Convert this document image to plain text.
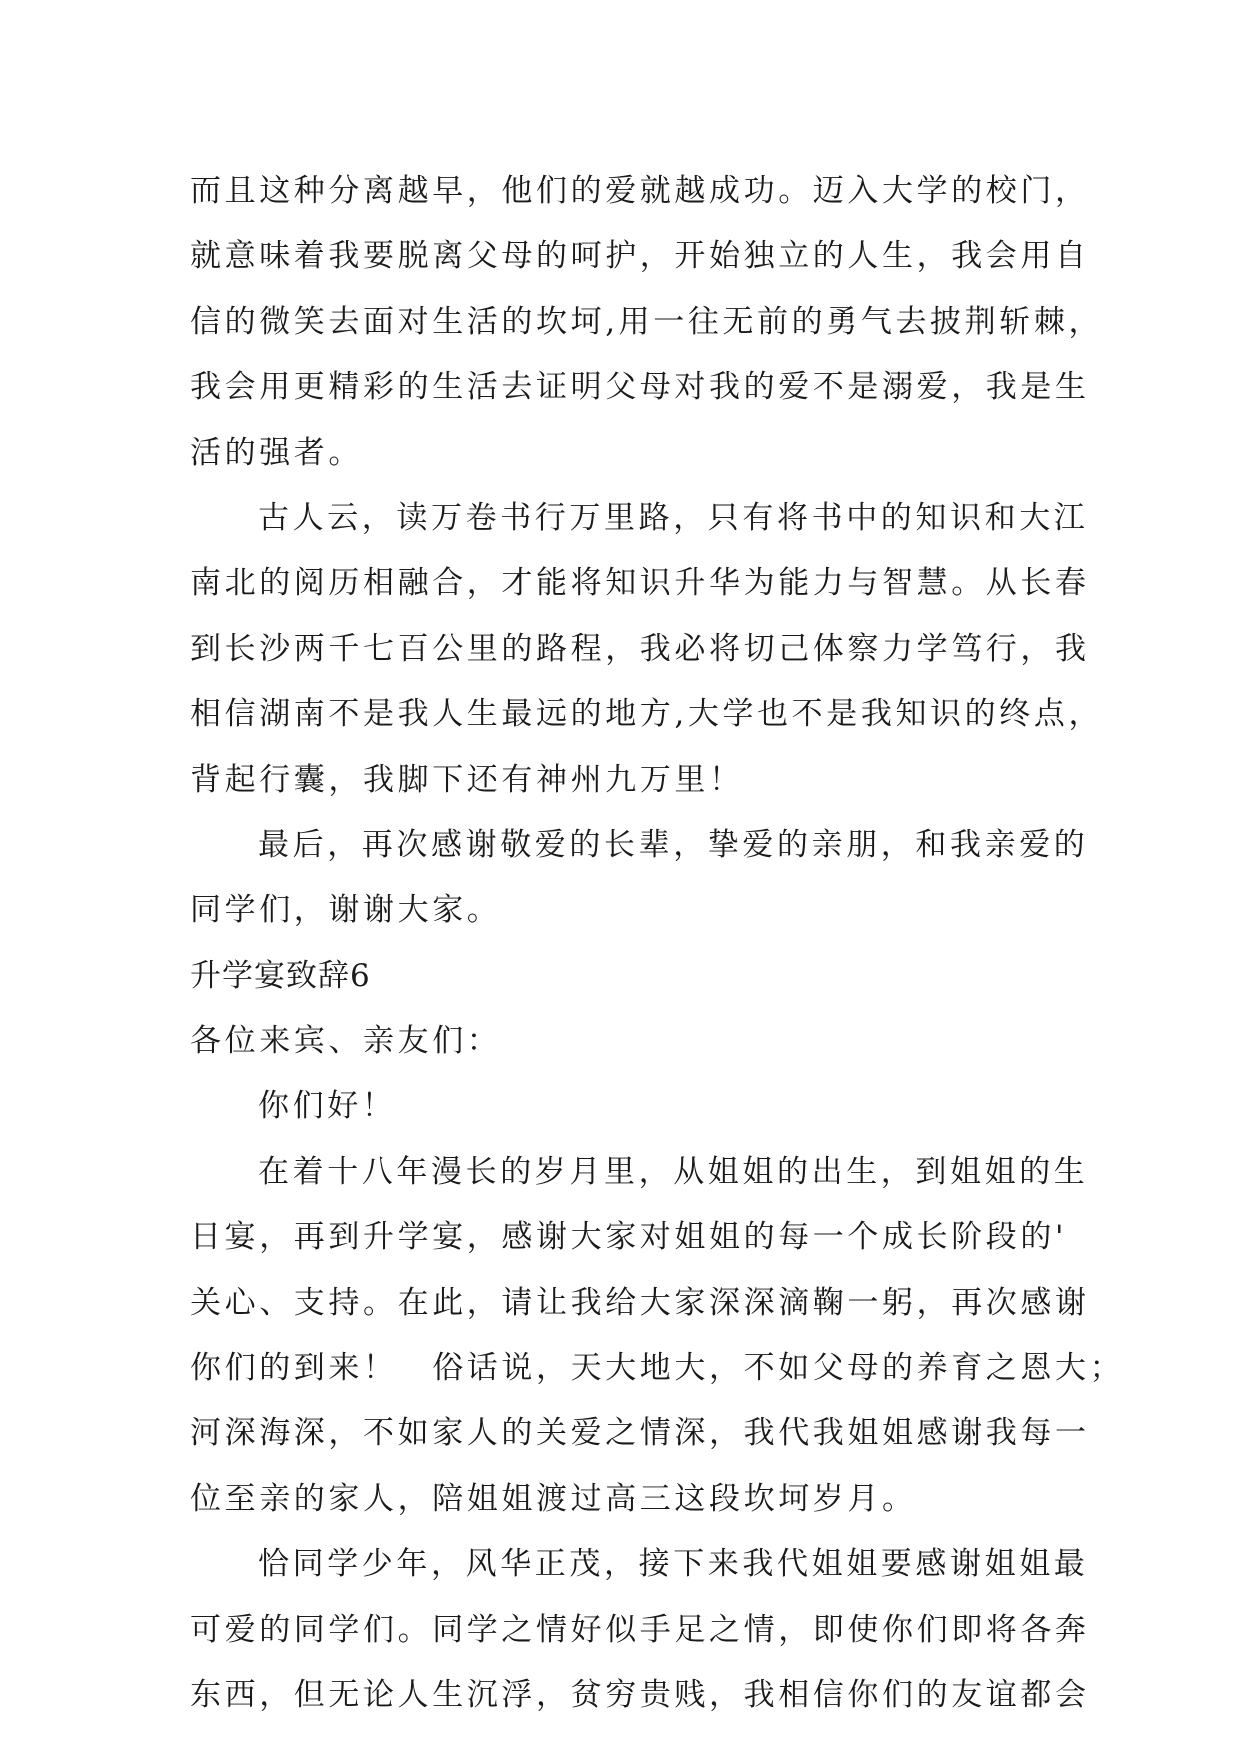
而且这种分离越早，他们的爱就越成功。迈入大学的校门，
就意味着我要脱离父母的呵护，开始独立的人生，我会用自
信的微笑去面对生活的坎坷,用一往无前的勇气去披荆斩棘，
我会用更精彩的生活去证明父母对我的爱不是溺爱，我是生
活的强者。
古人云，读万卷书行万里路，只有将书中的知识和大江
南北的阅历相融合，才能将知识升华为能力与智慧。从长春
到长沙两千七百公里的路程，我必将切己体察力学笃行，我
相信湖南不是我人生最远的地方,大学也不是我知识的终点，
背起行囊，我脚下还有神州九万里！
最后，再次感谢敬爱的长辈，挚爱的亲朋，和我亲爱的
同学们，谢谢大家。
升学宴致辞6
各位来宾、亲友们：
你们好！
在着十八年漫长的岁月里，从姐姐的出生，到姐姐的生
日宴，再到升学宴，感谢大家对姐姐的每一个成长阶段的'
关心、支持。在此，请让我给大家深深滴鞠一躬，再次感谢
你们的到来！　俗话说，天大地大，不如父母的养育之恩大；
河深海深，不如家人的关爱之情深，我代我姐姐感谢我每一
位至亲的家人，陪姐姐渡过高三这段坎坷岁月。
恰同学少年，风华正茂，接下来我代姐姐要感谢姐姐最
可爱的同学们。同学之情好似手足之情，即使你们即将各奔
东西，但无论人生沉浮，贫穷贵贱，我相信你们的友谊都会
